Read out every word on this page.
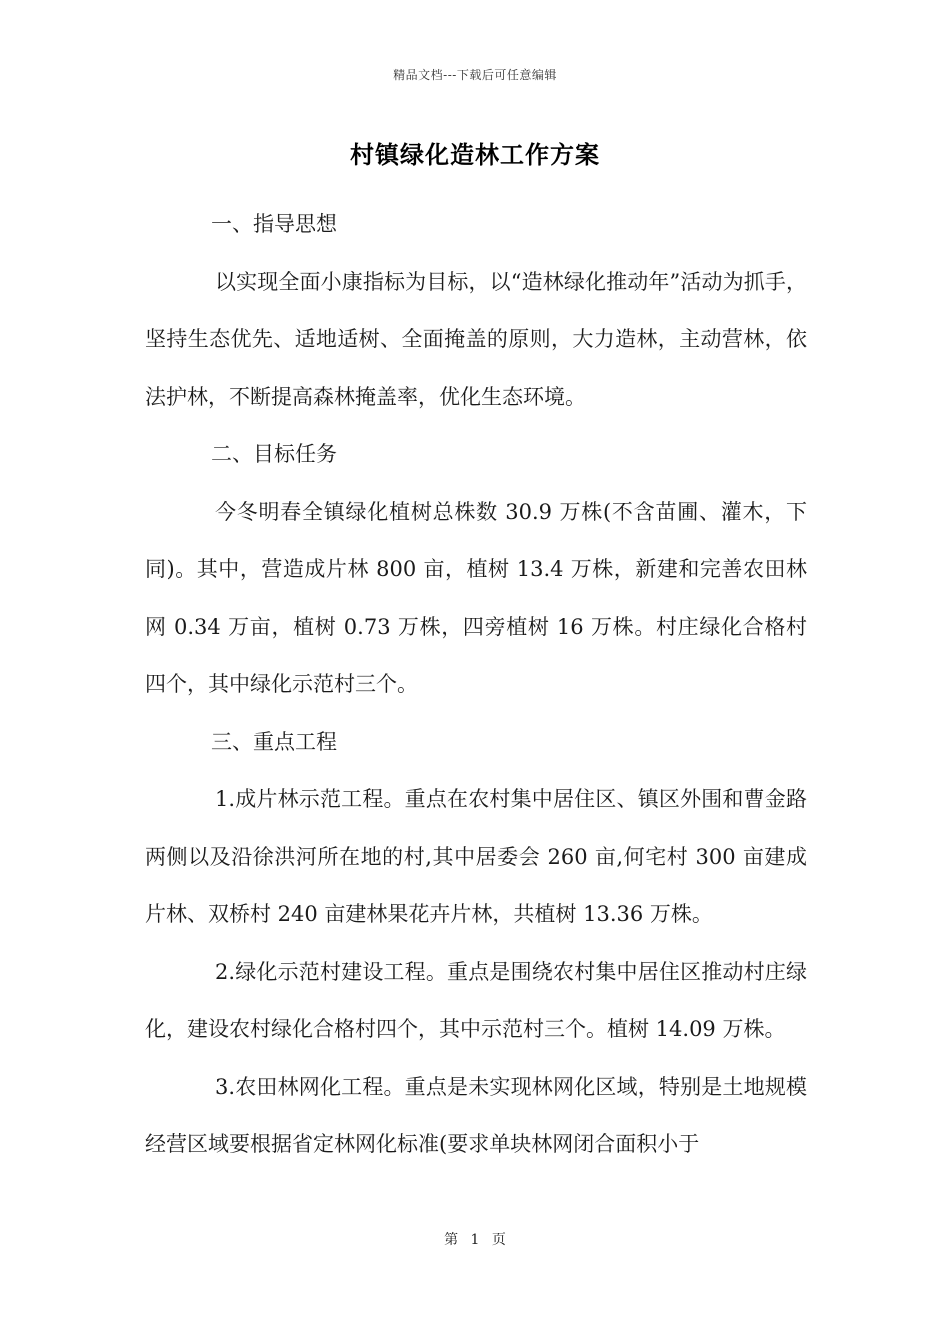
精品文档---下载后可任意编辑
村镇绿化造林工作方案

一、指导思想

以实现全面小康指标为目标，以“造林绿化推动年”活动为抓手，坚持生态优先、适地适树、全面掩盖的原则，大力造林，主动营林，依法护林，不断提高森林掩盖率，优化生态环境。

二、目标任务

今冬明春全镇绿化植树总株数 30.9 万株(不含苗圃、灌木，下同)。其中，营造成片林 800 亩，植树 13.4 万株，新建和完善农田林网 0.34 万亩，植树 0.73 万株，四旁植树 16 万株。村庄绿化合格村四个，其中绿化示范村三个。

三、重点工程

1.成片林示范工程。重点在农村集中居住区、镇区外围和曹金路两侧以及沿徐洪河所在地的村,其中居委会 260 亩,何宅村 300 亩建成片林、双桥村 240 亩建林果花卉片林，共植树 13.36 万株。

2.绿化示范村建设工程。重点是围绕农村集中居住区推动村庄绿化，建设农村绿化合格村四个，其中示范村三个。植树 14.09 万株。

3.农田林网化工程。重点是未实现林网化区域，特别是土地规模经营区域要根据省定林网化标准(要求单块林网闭合面积小于

第 1 页
